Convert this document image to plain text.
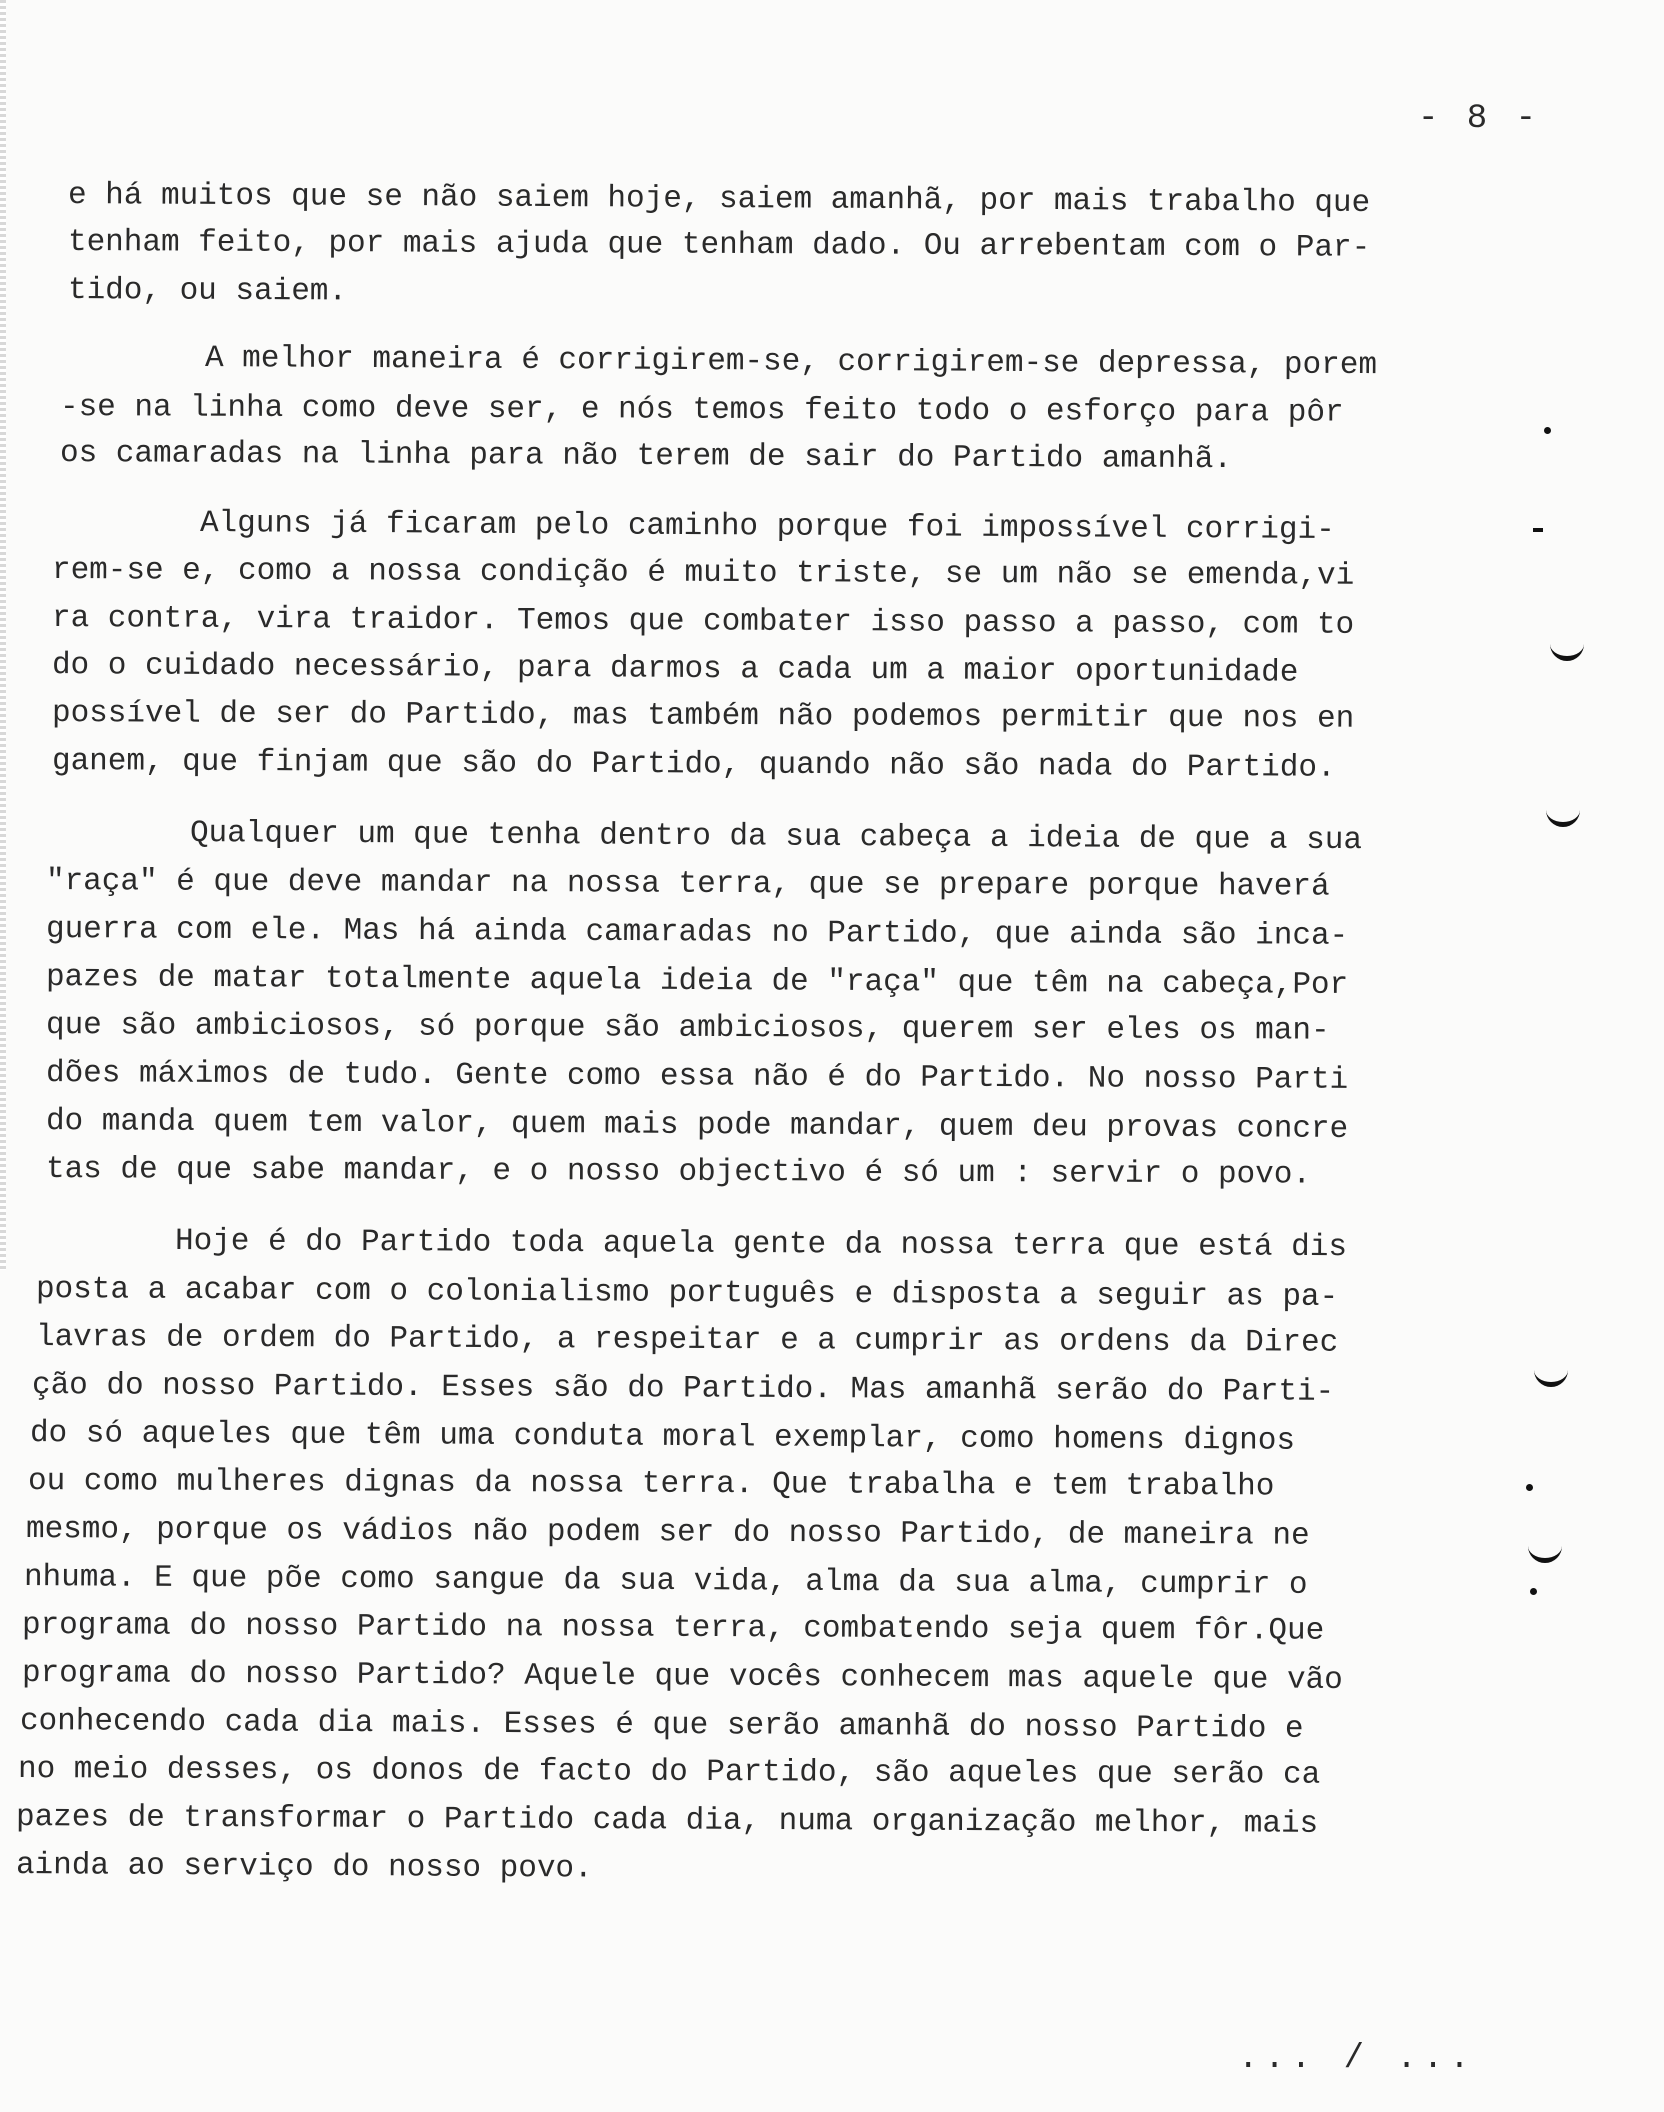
- 8 -
e há muitos que se não saiem hoje, saiem amanhã, por mais trabalho que
tenham feito, por mais ajuda que tenham dado. Ou arrebentam com o Par-
tido, ou saiem.
A melhor maneira é corrigirem-se, corrigirem-se depressa, porem
-se na linha como deve ser, e nós temos feito todo o esforço para pôr
os camaradas na linha para não terem de sair do Partido amanhã.
Alguns já ficaram pelo caminho porque foi impossível corrigi-
rem-se e, como a nossa condição é muito triste, se um não se emenda,vi
ra contra, vira traidor. Temos que combater isso passo a passo, com to
do o cuidado necessário, para darmos a cada um a maior oportunidade
possível de ser do Partido, mas também não podemos permitir que nos en
ganem, que finjam que são do Partido, quando não são nada do Partido.
Qualquer um que tenha dentro da sua cabeça a ideia de que a sua
"raça" é que deve mandar na nossa terra, que se prepare porque haverá
guerra com ele. Mas há ainda camaradas no Partido, que ainda são inca-
pazes de matar totalmente aquela ideia de "raça" que têm na cabeça,Por
que são ambiciosos, só porque são ambiciosos, querem ser eles os man-
dões máximos de tudo. Gente como essa não é do Partido. No nosso Parti
do manda quem tem valor, quem mais pode mandar, quem deu provas concre
tas de que sabe mandar, e o nosso objectivo é só um : servir o povo.
Hoje é do Partido toda aquela gente da nossa terra que está dis
posta a acabar com o colonialismo português e disposta a seguir as pa-
lavras de ordem do Partido, a respeitar e a cumprir as ordens da Direc
ção do nosso Partido. Esses são do Partido. Mas amanhã serão do Parti-
do só aqueles que têm uma conduta moral exemplar, como homens dignos
ou como mulheres dignas da nossa terra. Que trabalha e tem trabalho
mesmo, porque os vádios não podem ser do nosso Partido, de maneira ne
nhuma. E que põe como sangue da sua vida, alma da sua alma, cumprir o
programa do nosso Partido na nossa terra, combatendo seja quem fôr.Que
programa do nosso Partido? Aquele que vocês conhecem mas aquele que vão
conhecendo cada dia mais. Esses é que serão amanhã do nosso Partido e
no meio desses, os donos de facto do Partido, são aqueles que serão ca
pazes de transformar o Partido cada dia, numa organização melhor, mais
ainda ao serviço do nosso povo.
... / ...
